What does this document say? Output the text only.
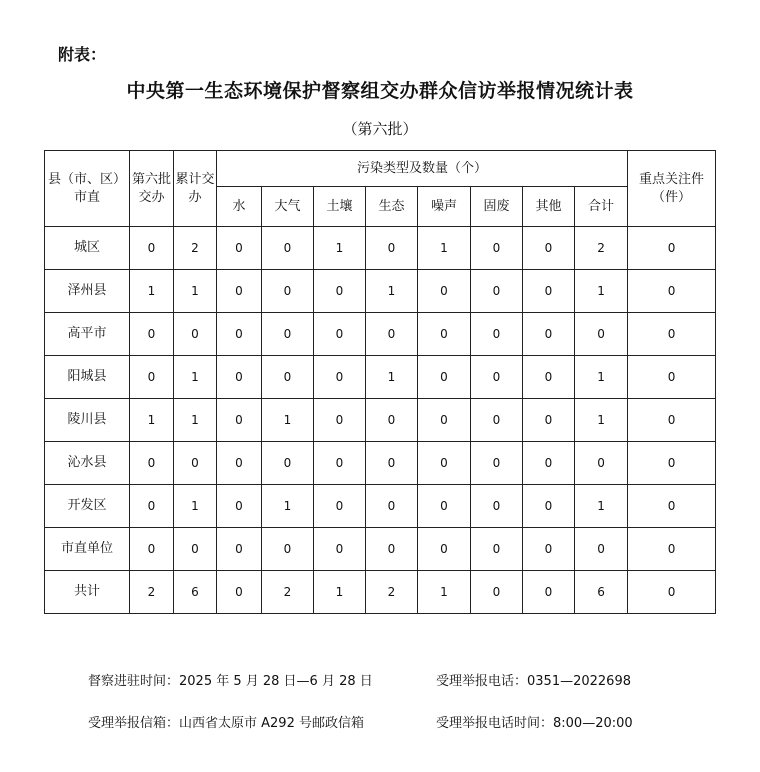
附表：
中央第一生态环境保护督察组交办群众信访举报情况统计表
（第六批）
县（市、区）市直	第六批交办	累计交办	污染类型及数量（个）								重点关注件（件）
			水	大气	土壤	生态	噪声	固废	其他	合计	
城区	0	2	0	0	1	0	1	0	0	2	0
泽州县	1	1	0	0	0	1	0	0	0	1	0
高平市	0	0	0	0	0	0	0	0	0	0	0
阳城县	0	1	0	0	0	1	0	0	0	1	0
陵川县	1	1	0	1	0	0	0	0	0	1	0
沁水县	0	0	0	0	0	0	0	0	0	0	0
开发区	0	1	0	1	0	0	0	0	0	1	0
市直单位	0	0	0	0	0	0	0	0	0	0	0
共计	2	6	0	2	1	2	1	0	0	6	0
督察进驻时间：2025 年 5 月 28 日—6 月 28 日	受理举报电话：0351—2022698
受理举报信箱：山西省太原市 A292 号邮政信箱	受理举报电话时间：8:00—20:00
